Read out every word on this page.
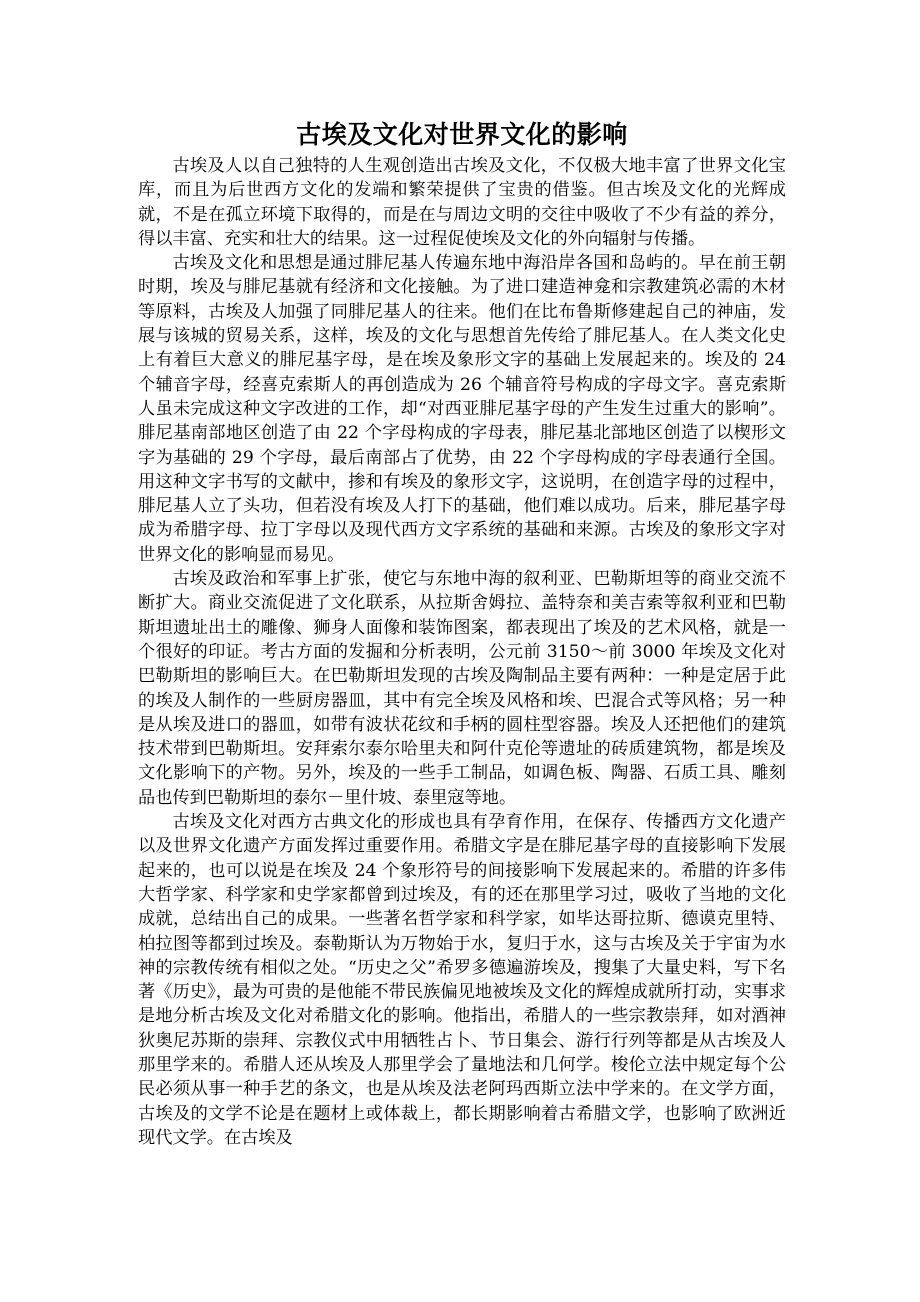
古埃及文化对世界文化的影响

古埃及人以自己独特的人生观创造出古埃及文化，不仅极大地丰富了世界文化宝库，而且为后世西方文化的发端和繁荣提供了宝贵的借鉴。但古埃及文化的光辉成就，不是在孤立环境下取得的，而是在与周边文明的交往中吸收了不少有益的养分，得以丰富、充实和壮大的结果。这一过程促使埃及文化的外向辐射与传播。

古埃及文化和思想是通过腓尼基人传遍东地中海沿岸各国和岛屿的。早在前王朝时期，埃及与腓尼基就有经济和文化接触。为了进口建造神龛和宗教建筑必需的木材等原料，古埃及人加强了同腓尼基人的往来。他们在比布鲁斯修建起自己的神庙，发展与该城的贸易关系，这样，埃及的文化与思想首先传给了腓尼基人。在人类文化史上有着巨大意义的腓尼基字母，是在埃及象形文字的基础上发展起来的。埃及的 24 个辅音字母，经喜克索斯人的再创造成为 26 个辅音符号构成的字母文字。喜克索斯人虽未完成这种文字改进的工作，却“对西亚腓尼基字母的产生发生过重大的影响”。腓尼基南部地区创造了由 22 个字母构成的字母表，腓尼基北部地区创造了以楔形文字为基础的 29 个字母，最后南部占了优势，由 22 个字母构成的字母表通行全国。用这种文字书写的文献中，掺和有埃及的象形文字，这说明，在创造字母的过程中，腓尼基人立了头功，但若没有埃及人打下的基础，他们难以成功。后来，腓尼基字母成为希腊字母、拉丁字母以及现代西方文字系统的基础和来源。古埃及的象形文字对世界文化的影响显而易见。

古埃及政治和军事上扩张，使它与东地中海的叙利亚、巴勒斯坦等的商业交流不断扩大。商业交流促进了文化联系，从拉斯舍姆拉、盖特奈和美吉索等叙利亚和巴勒斯坦遗址出土的雕像、狮身人面像和装饰图案，都表现出了埃及的艺术风格，就是一个很好的印证。考古方面的发掘和分析表明，公元前 3150～前 3000 年埃及文化对巴勒斯坦的影响巨大。在巴勒斯坦发现的古埃及陶制品主要有两种：一种是定居于此的埃及人制作的一些厨房器皿，其中有完全埃及风格和埃、巴混合式等风格；另一种是从埃及进口的器皿，如带有波状花纹和手柄的圆柱型容器。埃及人还把他们的建筑技术带到巴勒斯坦。安拜索尔泰尔哈里夫和阿什克伦等遗址的砖质建筑物，都是埃及文化影响下的产物。另外，埃及的一些手工制品，如调色板、陶器、石质工具、雕刻品也传到巴勒斯坦的泰尔－里什坡、泰里寇等地。

古埃及文化对西方古典文化的形成也具有孕育作用，在保存、传播西方文化遗产以及世界文化遗产方面发挥过重要作用。希腊文字是在腓尼基字母的直接影响下发展起来的，也可以说是在埃及 24 个象形符号的间接影响下发展起来的。希腊的许多伟大哲学家、科学家和史学家都曾到过埃及，有的还在那里学习过，吸收了当地的文化成就，总结出自己的成果。一些著名哲学家和科学家，如毕达哥拉斯、德谟克里特、柏拉图等都到过埃及。泰勒斯认为万物始于水，复归于水，这与古埃及关于宇宙为水神的宗教传统有相似之处。“历史之父”希罗多德遍游埃及，搜集了大量史料，写下名著《历史》，最为可贵的是他能不带民族偏见地被埃及文化的辉煌成就所打动，实事求是地分析古埃及文化对希腊文化的影响。他指出，希腊人的一些宗教崇拜，如对酒神狄奥尼苏斯的崇拜、宗教仪式中用牺牲占卜、节日集会、游行行列等都是从古埃及人那里学来的。希腊人还从埃及人那里学会了量地法和几何学。梭伦立法中规定每个公民必须从事一种手艺的条文，也是从埃及法老阿玛西斯立法中学来的。在文学方面，古埃及的文学不论是在题材上或体裁上，都长期影响着古希腊文学，也影响了欧洲近现代文学。在古埃及
